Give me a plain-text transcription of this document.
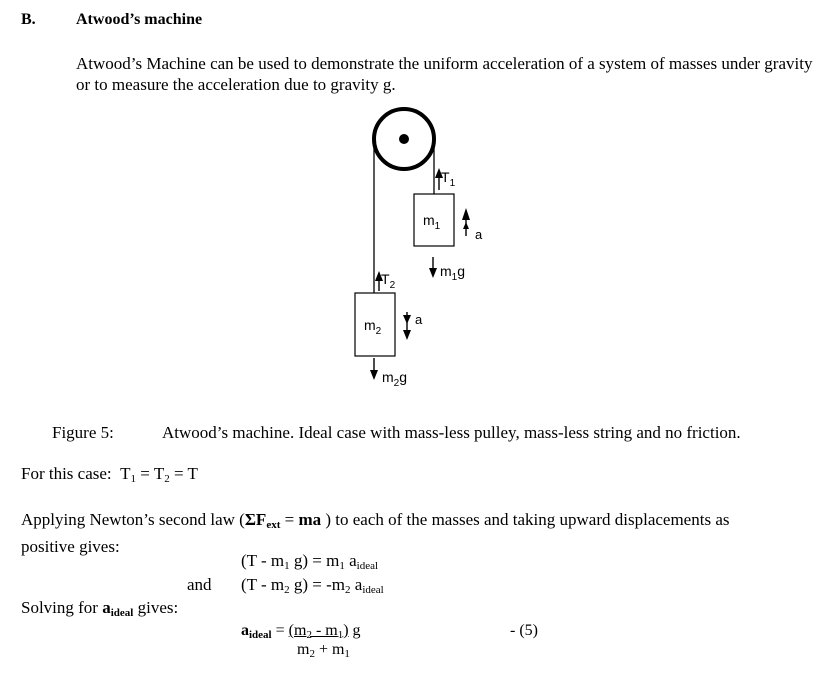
B.	Atwood’s machine
Atwood’s Machine can be used to demonstrate the uniform acceleration of a system of masses under gravity or to measure the acceleration due to gravity g.
$T_1$
$m_1$
a
$m_1g$
$T_2$
$m_2$
a
$m_2g$
Figure 5:	Atwood’s machine. Ideal case with mass-less pulley, mass-less string and no friction.
For this case: $T_1 = T_2 = T$
Applying Newton’s second law ($\Sigma F_{ext}$ = ma ) to each of the masses and taking upward displacements as
positive gives:
($T - m_1$ $g) = m_1$ $a_{ideal}$
and ($T - m_2$ $g) = -m_2$ $a_{ideal}$
Solving for $a_{ideal}$ gives:
$a_{ideal} = (m_2 - m_1)$ g
$m_2 + m_1$
- (5)
